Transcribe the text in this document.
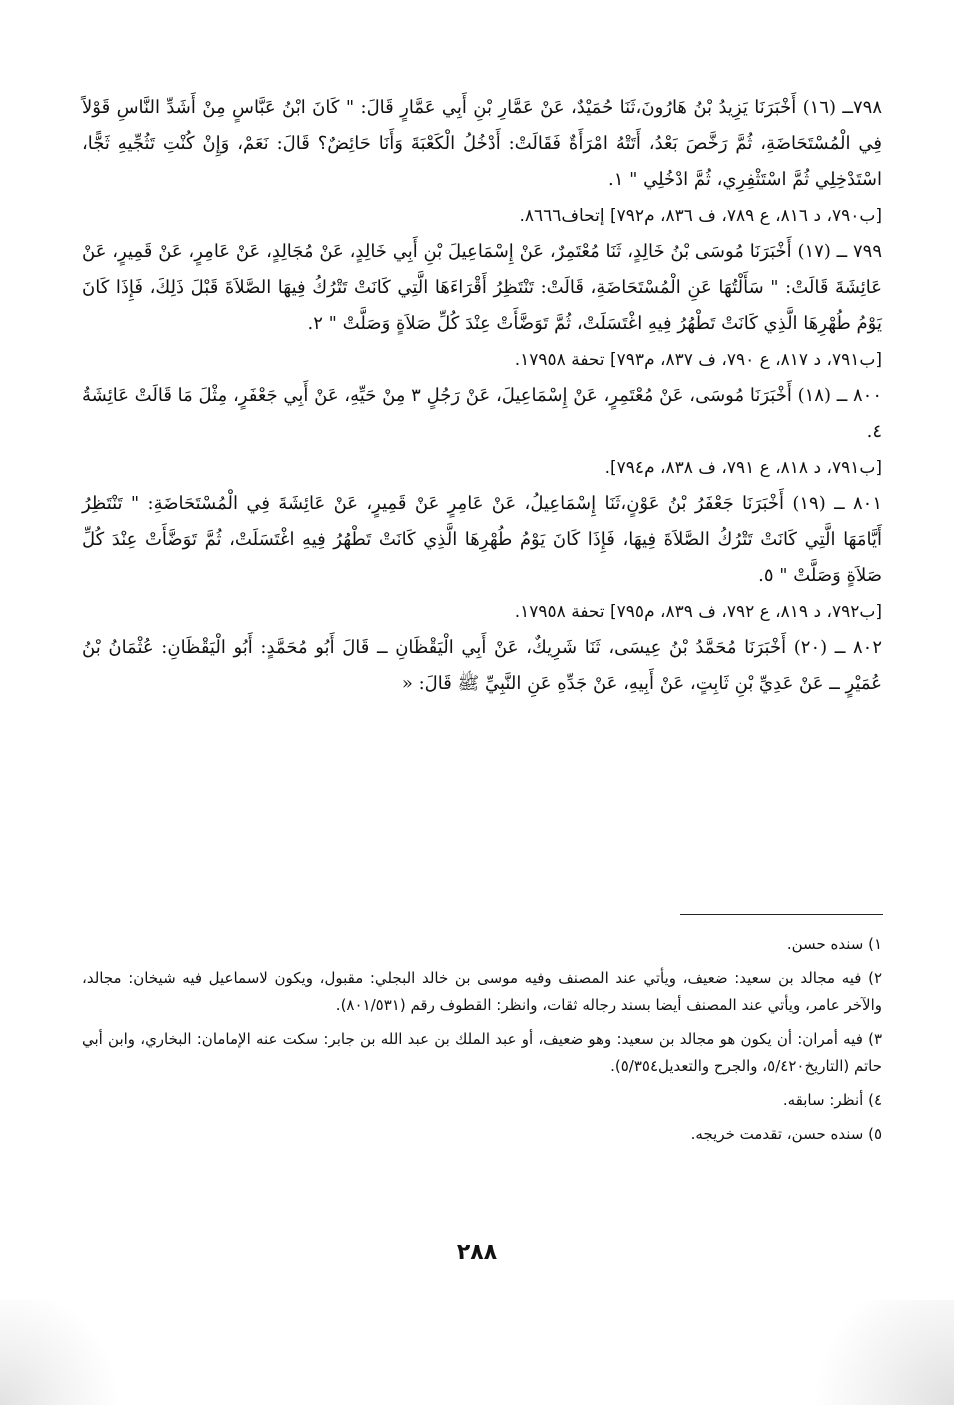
٧٩٨ــ (١٦) أَخْبَرَنَا يَزِيدُ بْنُ هَارُونَ،ثَنَا حُمَيْدٌ، عَنْ عَمَّارِ بْنِ أَبِي عَمَّارٍ قَالَ: " كَانَ ابْنُ عَبَّاسٍ مِنْ أَشَدِّ النَّاسِ قَوْلاً فِي الْمُسْتَحَاضَةِ، ثُمَّ رَخَّصَ بَعْدُ، أَتَتْهُ امْرَأَةٌ فَقَالَتْ: أَدْخُلُ الْكَعْبَةَ وَأَنَا حَائِضٌ؟ قَالَ: نَعَمْ، وَإِنْ كُنْتِ تَثُجِّيهِ ثَجًّا، اسْتَدْخِلِي ثُمَّ اسْتَثْفِرِي، ثُمَّ ادْخُلِي " ١.

[ب٧٩٠، د ٨١٦، ع ٧٨٩، ف ٨٣٦، م٧٩٢] إتحاف٨٦٦٦.

٧٩٩ ــ (١٧) أَخْبَرَنَا مُوسَى بْنُ خَالِدٍ، ثَنَا مُعْتَمِرٌ، عَنْ إِسْمَاعِيلَ بْنِ أَبِي خَالِدٍ، عَنْ مُجَالِدٍ، عَنْ عَامِرٍ، عَنْ قَمِيرٍ، عَنْ عَائِشَةَ قَالَتْ: " سَأَلْتُهَا عَنِ الْمُسْتَحَاضَةِ، قَالَتْ: تَنْتَظِرُ أَقْرَاءَهَا الَّتِي كَانَتْ تَتْرُكُ فِيهَا الصَّلاَةَ قَبْلَ ذَلِكَ، فَإِذَا كَانَ يَوْمُ طُهْرِهَا الَّذِي كَانَتْ تَطْهُرُ فِيهِ اغْتَسَلَتْ، ثُمَّ تَوَضَّأَتْ عِنْدَ كُلِّ صَلاَةٍ وَصَلَّتْ " ٢.

[ب٧٩١، د ٨١٧، ع ٧٩٠، ف ٨٣٧، م٧٩٣] تحفة ١٧٩٥٨.

٨٠٠ ــ (١٨) أَخْبَرَنَا مُوسَى، عَنْ مُعْتَمِرٍ، عَنْ إِسْمَاعِيلَ، عَنْ رَجُلٍ ٣ مِنْ حَيِّهِ، عَنْ أَبِي جَعْفَرٍ، مِثْلَ مَا قَالَتْ عَائِشَةُ ٤.

[ب٧٩١، د ٨١٨، ع ٧٩١، ف ٨٣٨، م٧٩٤].

٨٠١ ــ (١٩) أَخْبَرَنَا جَعْفَرُ بْنُ عَوْنٍ،ثَنَا إِسْمَاعِيلُ، عَنْ عَامِرٍ عَنْ قَمِيرٍ، عَنْ عَائِشَةَ فِي الْمُسْتَحَاضَةِ: " تَنْتَظِرُ أَيَّامَهَا الَّتِي كَانَتْ تَتْرُكُ الصَّلاَةَ فِيهَا، فَإِذَا كَانَ يَوْمُ طُهْرِهَا الَّذِي كَانَتْ تَطْهُرُ فِيهِ اغْتَسَلَتْ، ثُمَّ تَوَضَّأَتْ عِنْدَ كُلِّ صَلاَةٍ وَصَلَّتْ " ٥.

[ب٧٩٢، د ٨١٩، ع ٧٩٢، ف ٨٣٩، م٧٩٥] تحفة ١٧٩٥٨.

٨٠٢ ــ (٢٠) أَخْبَرَنَا مُحَمَّدُ بْنُ عِيسَى، ثَنَا شَرِيكٌ، عَنْ أَبِي الْيَقْظَانِ ــ قَالَ أَبُو مُحَمَّدٍ: أَبُو الْيَقْظَانِ: عُثْمَانُ بْنُ عُمَيْرٍ ــ عَنْ عَدِيِّ بْنِ ثَابِتٍ، عَنْ أَبِيهِ، عَنْ جَدِّهِ عَنِ النَّبِيِّ ﷺ قَالَ: «

١) سنده حسن.

٢) فيه مجالد بن سعيد: ضعيف، ويأتي عند المصنف وفيه موسى بن خالد البجلي: مقبول، ويكون لاسماعيل فيه شيخان: مجالد، والآخر عامر، ويأتي عند المصنف أيضا بسند رجاله ثقات، وانظر: القطوف رقم (٨٠١/٥٣١).

٣) فيه أمران: أن يكون هو مجالد بن سعيد: وهو ضعيف، أو عبد الملك بن عبد الله بن جابر: سكت عنه الإمامان: البخاري، وابن أبي حاتم (التاريخ٥/٤٢٠، والجرح والتعديل٥/٣٥٤).

٤) أنظر: سابقه.

٥) سنده حسن، تقدمت خريجه.

٢٨٨
